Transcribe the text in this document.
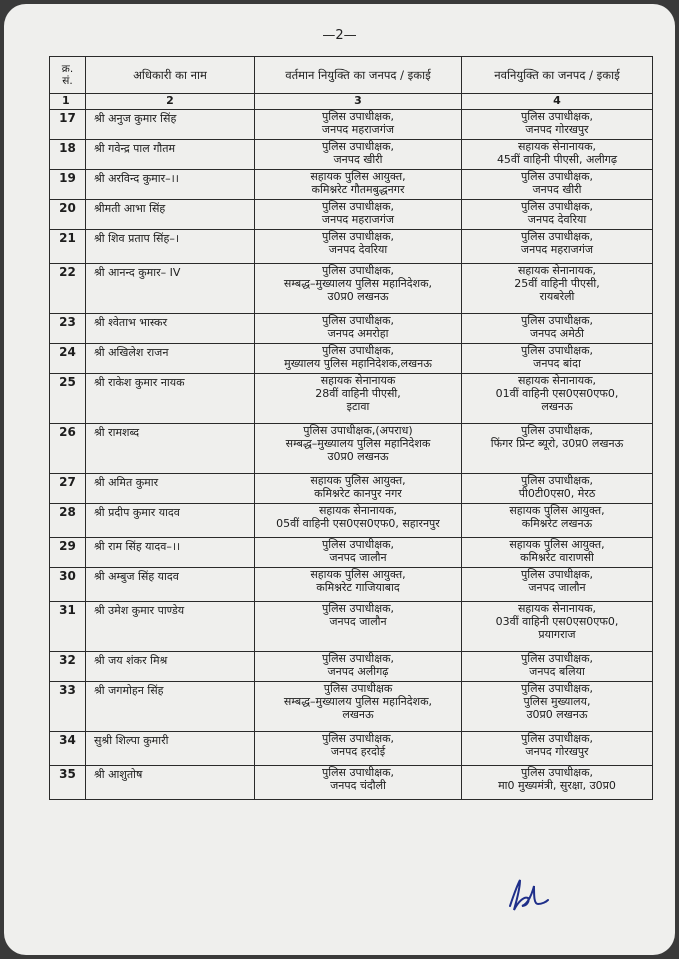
—2—
क्र.
सं.	अधिकारी का नाम	वर्तमान नियुक्ति का जनपद / इकाई	नवनियुक्ति का जनपद / इकाई
1	2	3	4
17	श्री अनुज कुमार सिंह	पुलिस उपाधीक्षक,
जनपद महराजगंज	पुलिस उपाधीक्षक,
जनपद गोरखपुर

18	श्री गवेन्द्र पाल गौतम	पुलिस उपाधीक्षक,
जनपद खीरी	सहायक सेनानायक,
45वीं वाहिनी पीएसी, अलीगढ़

19	श्री अरविन्द कुमार–।।	सहायक पुलिस आयुक्त,
कमिश्नरेट गौतमबुद्धनगर	पुलिस उपाधीक्षक,
जनपद खीरी

20	श्रीमती आभा सिंह	पुलिस उपाधीक्षक,
जनपद महराजगंज	पुलिस उपाधीक्षक,
जनपद देवरिया

21	श्री शिव प्रताप सिंह–।	पुलिस उपाधीक्षक,
जनपद देवरिया	पुलिस उपाधीक्षक,
जनपद महराजगंज

22	श्री आनन्द कुमार– IV	पुलिस उपाधीक्षक,
सम्बद्ध–मुख्यालय पुलिस महानिदेशक,
उ0प्र0 लखनऊ	सहायक सेनानायक,
25वीं वाहिनी पीएसी,
रायबरेली

23	श्री श्वेताभ भास्कर	पुलिस उपाधीक्षक,
जनपद अमरोहा	पुलिस उपाधीक्षक,
जनपद अमेठी

24	श्री अखिलेश राजन	पुलिस उपाधीक्षक,
मुख्यालय पुलिस महानिदेशक,लखनऊ	पुलिस उपाधीक्षक,
जनपद बांदा

25	श्री राकेश कुमार नायक	सहायक सेनानायक
28वीं वाहिनी पीएसी,
इटावा	सहायक सेनानायक,
01वीं वाहिनी एस0एस0एफ0,
लखनऊ

26	श्री रामशब्द	पुलिस उपाधीक्षक,(अपराध)
सम्बद्ध–मुख्यालय पुलिस महानिदेशक
उ0प्र0 लखनऊ	पुलिस उपाधीक्षक,
फिंगर प्रिन्ट ब्यूरो, उ0प्र0 लखनऊ

27	श्री अमित कुमार	सहायक पुलिस आयुक्त,
कमिश्नरेट कानपुर नगर	पुलिस उपाधीक्षक,
पी0टी0एस0, मेरठ

28	श्री प्रदीप कुमार यादव	सहायक सेनानायक,
05वीं वाहिनी एस0एस0एफ0, सहारनपुर	सहायक पुलिस आयुक्त,
कमिश्नरेट लखनऊ

29	श्री राम सिंह यादव–।।	पुलिस उपाधीक्षक,
जनपद जालौन	सहायक पुलिस आयुक्त,
कमिश्नरेट वाराणसी

30	श्री अम्बुज सिंह यादव	सहायक पुलिस आयुक्त,
कमिश्नरेट गाजियाबाद	पुलिस उपाधीक्षक,
जनपद जालौन

31	श्री उमेश कुमार पाण्डेय	पुलिस उपाधीक्षक,
जनपद जालौन	सहायक सेनानायक,
03वीं वाहिनी एस0एस0एफ0,
प्रयागराज

32	श्री जय शंकर मिश्र	पुलिस उपाधीक्षक,
जनपद अलीगढ़	पुलिस उपाधीक्षक,
जनपद बलिया

33	श्री जगमोहन सिंह	पुलिस उपाधीक्षक
सम्बद्ध–मुख्यालय पुलिस महानिदेशक,
लखनऊ	पुलिस उपाधीक्षक,
पुलिस मुख्यालय,
उ0प्र0 लखनऊ

34	सुश्री शिल्पा कुमारी	पुलिस उपाधीक्षक,
जनपद हरदोई	पुलिस उपाधीक्षक,
जनपद गोरखपुर

35	श्री आशुतोष	पुलिस उपाधीक्षक,
जनपद चंदौली	पुलिस उपाधीक्षक,
मा0 मुख्यमंत्री, सुरक्षा, उ0प्र0
